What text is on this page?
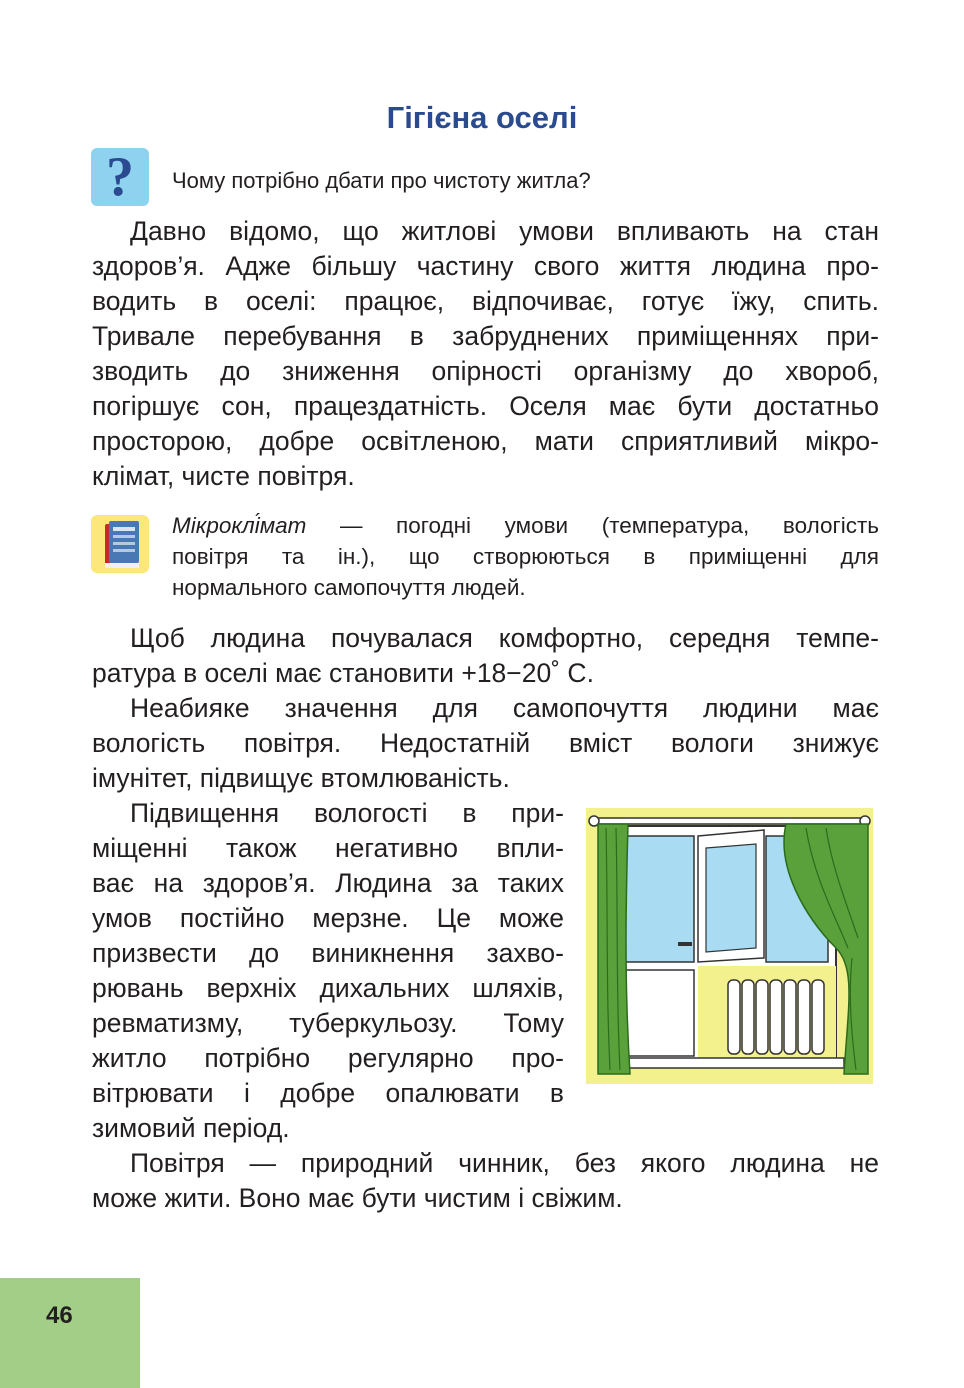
Гігієна оселі
?	Чому потрібно дбати про чистоту житла?

Давно відомо, що житлові умови впливають на стан
здоров’я. Адже більшу частину свого життя людина про-
водить в оселі: працює, відпочиває, готує їжу, спить.
Тривале перебування в забруднених приміщеннях при-
зводить до зниження опірності організму до хвороб,
погіршує сон, працездатність. Оселя має бути достатньо
просторою, добре освітленою, мати сприятливий мікро-
клімат, чисте повітря.

Мікроклі́мат — погодні умови (температура, вологість
повітря та ін.), що створюються в приміщенні для
нормального самопочуття людей.

Щоб людина почувалася комфортно, середня темпе-
ратура в оселі має становити +18−20˚ С.

Неабияке значення для самопочуття людини має
вологість повітря. Недостатній вміст вологи знижує
імунітет, підвищує втомлюваність.

Підвищення вологості в при-
міщенні також негативно впли-
ває на здоров’я. Людина за таких
умов постійно мерзне. Це може
призвести до виникнення захво-
рювань верхніх дихальних шляхів,
ревматизму, туберкульозу. Тому
житло потрібно регулярно про-
вітрювати і добре опалювати в
зимовий період.

Повітря — природний чинник, без якого людина не
може жити. Воно має бути чистим і свіжим.

46
